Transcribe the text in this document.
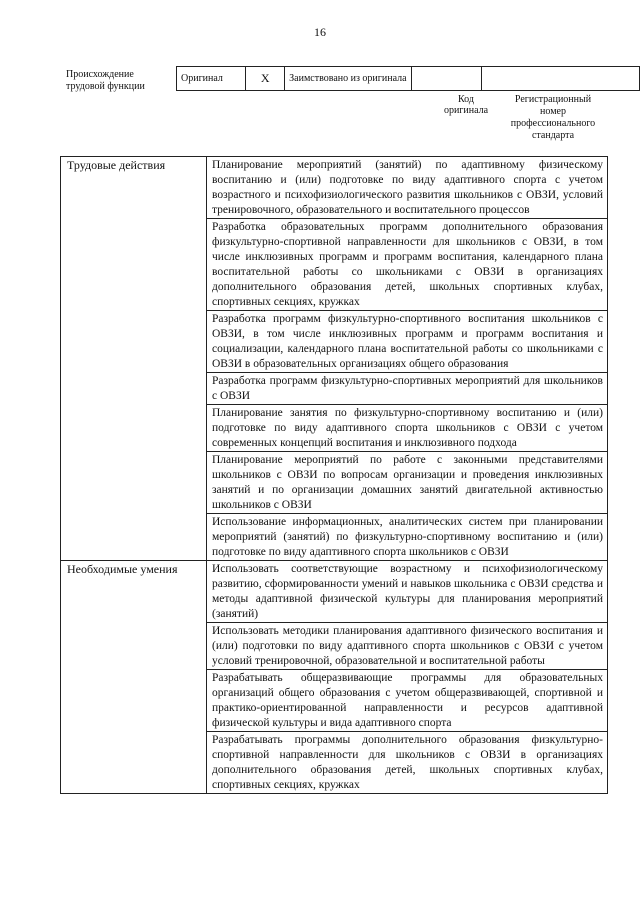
16
Происхождение трудовой функции
Оригинал	X	Заимствовано из оригинала		
Код оригинала
Регистрационный номер профессионального стандарта
Трудовые действия	Планирование мероприятий (занятий) по адаптивному физическому воспитанию и (или) подготовке по виду адаптивного спорта с учетом возрастного и психофизиологического развития школьников с ОВЗИ, условий тренировочного, образовательного и воспитательного процессов
	Разработка образовательных программ дополнительного образования физкультурно-спортивной направленности для школьников с ОВЗИ, в том числе инклюзивных программ и программ воспитания, календарного плана воспитательной работы со школьниками с ОВЗИ в организациях дополнительного образования детей, школьных спортивных клубах, спортивных секциях, кружках
	Разработка программ физкультурно-спортивного воспитания школьников с ОВЗИ, в том числе инклюзивных программ и программ воспитания и социализации, календарного плана воспитательной работы со школьниками с ОВЗИ в образовательных организациях общего образования
	Разработка программ физкультурно-спортивных мероприятий для школьников с ОВЗИ
	Планирование занятия по физкультурно-спортивному воспитанию и (или) подготовке по виду адаптивного спорта школьников с ОВЗИ с учетом современных концепций воспитания и инклюзивного подхода
	Планирование мероприятий по работе с законными представителями школьников с ОВЗИ по вопросам организации и проведения инклюзивных занятий и по организации домашних занятий двигательной активностью школьников с ОВЗИ
	Использование информационных, аналитических систем при планировании мероприятий (занятий) по физкультурно-спортивному воспитанию и (или) подготовке по виду адаптивного спорта школьников с ОВЗИ
Необходимые умения	Использовать соответствующие возрастному и психофизиологическому развитию, сформированности умений и навыков школьника с ОВЗИ средства и методы адаптивной физической культуры для планирования мероприятий (занятий)
	Использовать методики планирования адаптивного физического воспитания и (или) подготовки по виду адаптивного спорта школьников с ОВЗИ с учетом условий тренировочной, образовательной и воспитательной работы
	Разрабатывать общеразвивающие программы для образовательных организаций общего образования с учетом общеразвивающей, спортивной и практико-ориентированной направленности и ресурсов адаптивной физической культуры и вида адаптивного спорта
	Разрабатывать программы дополнительного образования физкультурно-спортивной направленности для школьников с ОВЗИ в организациях дополнительного образования детей, школьных спортивных клубах, спортивных секциях, кружках
